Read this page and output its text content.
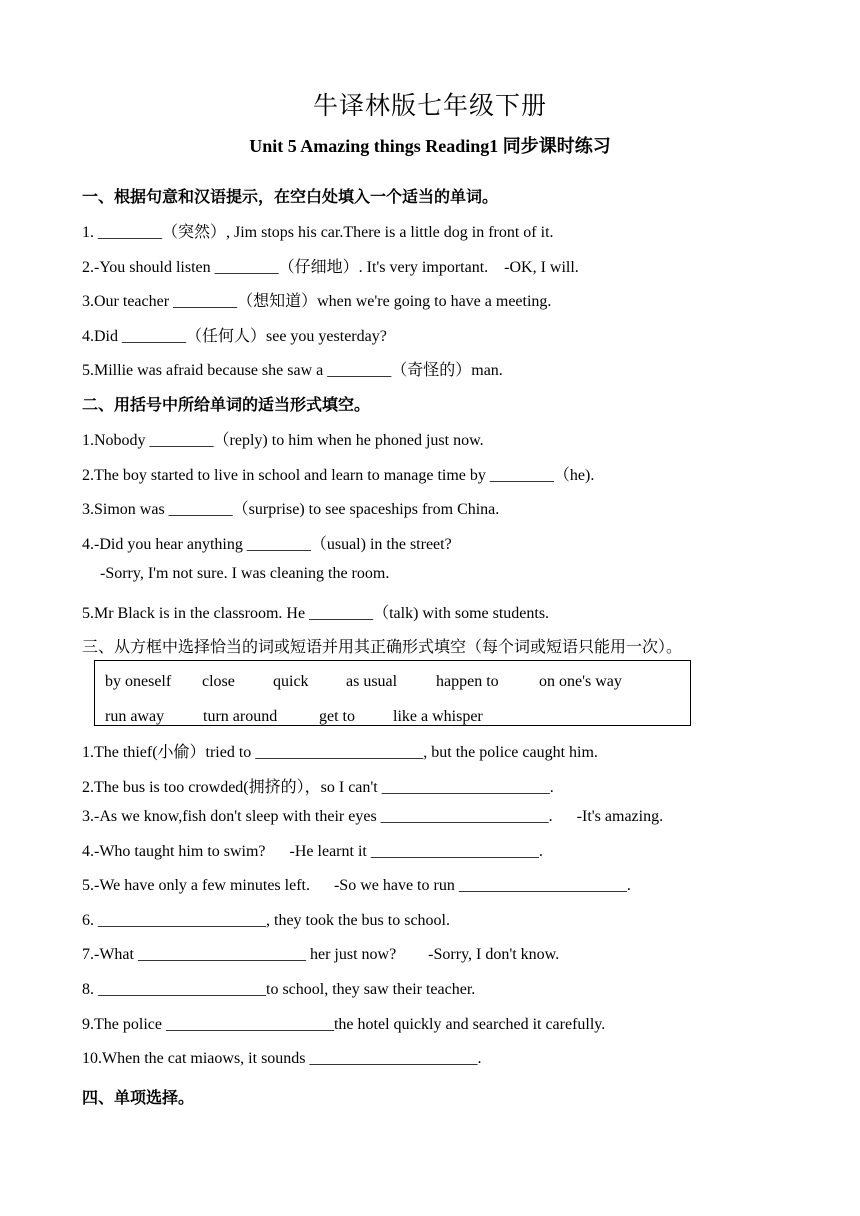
牛译林版七年级下册
Unit 5 Amazing things Reading1 同步课时练习
一、根据句意和汉语提示，在空白处填入一个适当的单词。
1. ________（突然）, Jim stops his car.There is a little dog in front of it.
2.-You should listen ________（仔细地）. It's very important.    -OK, I will.
3.Our teacher ________（想知道）when we're going to have a meeting.
4.Did ________（任何人）see you yesterday?
5.Millie was afraid because she saw a ________（奇怪的）man.
二、用括号中所给单词的适当形式填空。
1.Nobody ________（reply) to him when he phoned just now.
2.The boy started to live in school and learn to manage time by ________（he).
3.Simon was ________（surprise) to see spaceships from China.
4.-Did you hear anything ________（usual) in the street?
-Sorry, I'm not sure. I was cleaning the room.
5.Mr Black is in the classroom. He ________（talk) with some students.
三、从方框中选择恰当的词或短语并用其正确形式填空（每个词或短语只能用一次）。
by oneself close quick as usual happen to	on one's way
run away turn around	get to like a whisper
1.The thief(小偷）tried to _____________________, but the police caught him.
2.The bus is too crowded(拥挤的），so I can't _____________________.
3.-As we know,fish don't sleep with their eyes _____________________.      -It's amazing.
4.-Who taught him to swim?      -He learnt it _____________________.
5.-We have only a few minutes left.      -So we have to run _____________________.
6. _____________________, they took the bus to school.
7.-What _____________________ her just now?        -Sorry, I don't know.
8. _____________________to school, they saw their teacher.
9.The police _____________________the hotel quickly and searched it carefully.
10.When the cat miaows, it sounds _____________________.
四、单项选择。
